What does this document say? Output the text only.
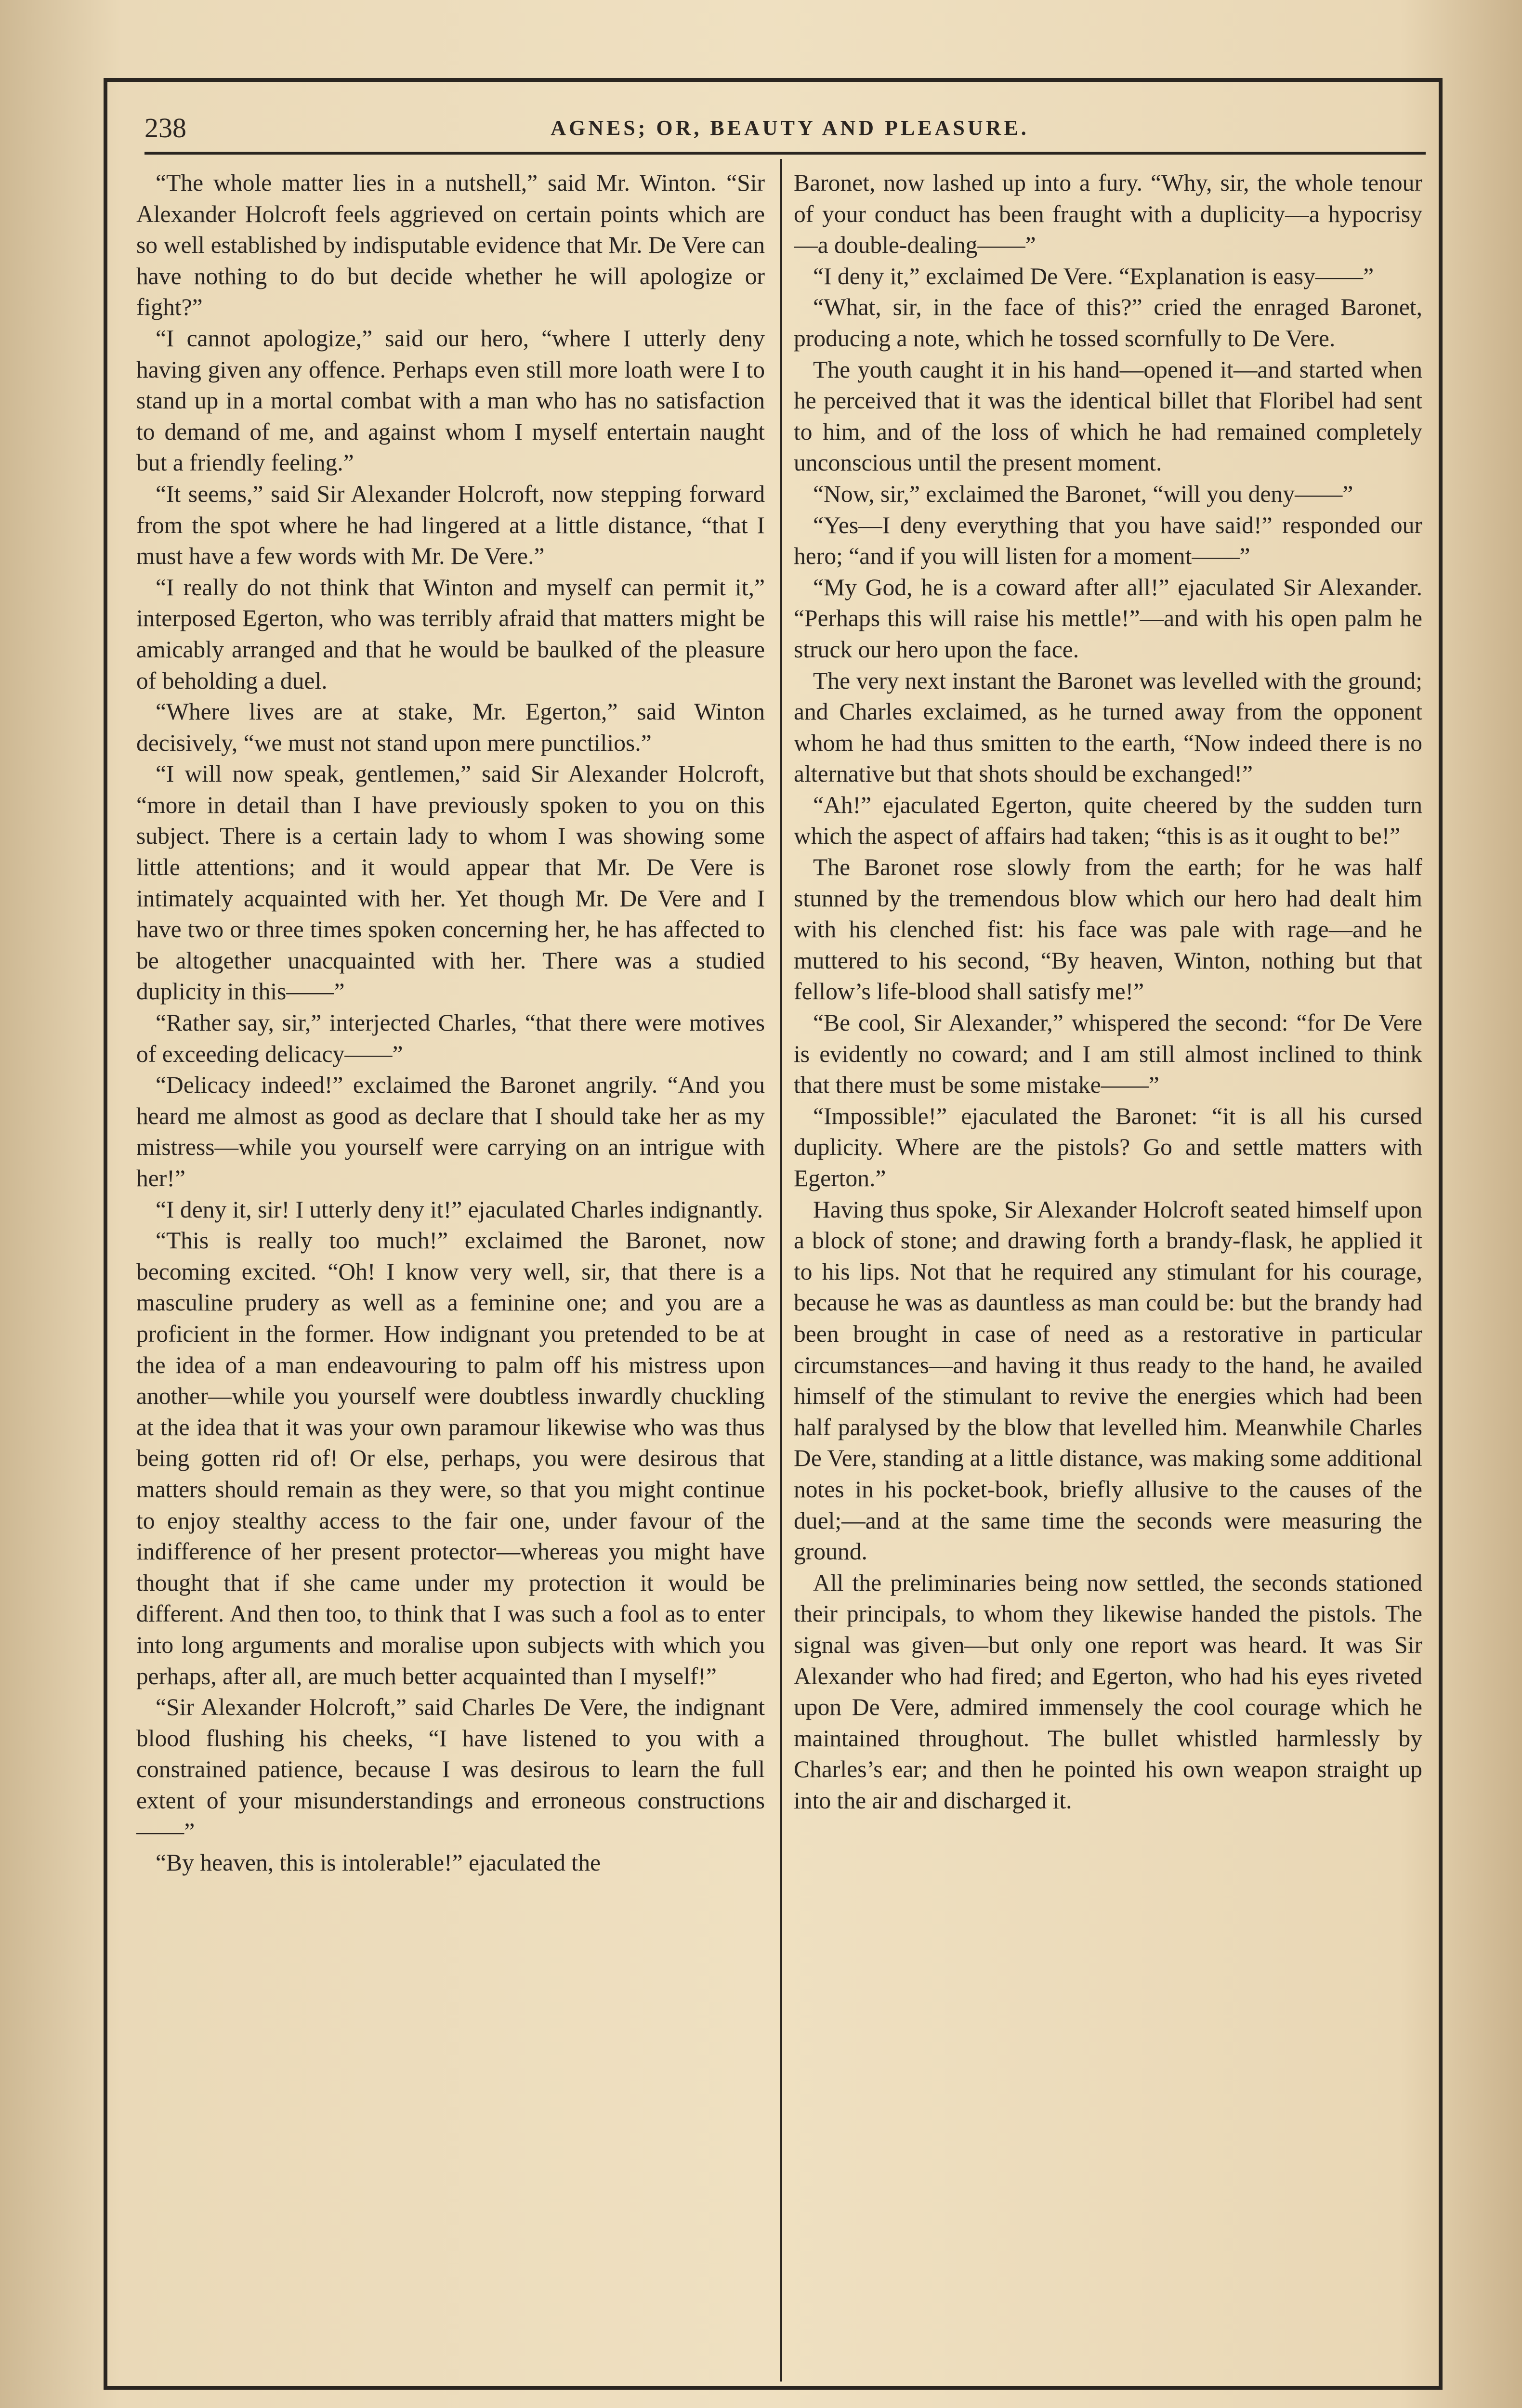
238	AGNES; OR, BEAUTY AND PLEASURE.

“The whole matter lies in a nutshell,” said Mr. Winton. “Sir Alexander Holcroft feels aggrieved on certain points which are so well established by indisputable evidence that Mr. De Vere can have nothing to do but decide whether he will apologize or fight?”

“I cannot apologize,” said our hero, “where I utterly deny having given any offence. Perhaps even still more loath were I to stand up in a mortal combat with a man who has no satisfaction to demand of me, and against whom I myself entertain naught but a friendly feeling.”

“It seems,” said Sir Alexander Holcroft, now stepping forward from the spot where he had lingered at a little distance, “that I must have a few words with Mr. De Vere.”

“I really do not think that Winton and myself can permit it,” interposed Egerton, who was terribly afraid that matters might be amicably arranged and that he would be baulked of the pleasure of beholding a duel.

“Where lives are at stake, Mr. Egerton,” said Winton decisively, “we must not stand upon mere punctilios.”

“I will now speak, gentlemen,” said Sir Alexander Holcroft, “more in detail than I have previously spoken to you on this subject. There is a certain lady to whom I was showing some little attentions; and it would appear that Mr. De Vere is intimately acquainted with her. Yet though Mr. De Vere and I have two or three times spoken concerning her, he has affected to be altogether unacquainted with her. There was a studied duplicity in this——”

“Rather say, sir,” interjected Charles, “that there were motives of exceeding delicacy——”

“Delicacy indeed!” exclaimed the Baronet angrily. “And you heard me almost as good as declare that I should take her as my mistress—while you yourself were carrying on an intrigue with her!”

“I deny it, sir! I utterly deny it!” ejaculated Charles indignantly.

“This is really too much!” exclaimed the Baronet, now becoming excited. “Oh! I know very well, sir, that there is a masculine prudery as well as a feminine one; and you are a proficient in the former. How indignant you pretended to be at the idea of a man endeavouring to palm off his mistress upon another—while you yourself were doubtless inwardly chuckling at the idea that it was your own paramour likewise who was thus being gotten rid of! Or else, perhaps, you were desirous that matters should remain as they were, so that you might continue to enjoy stealthy access to the fair one, under favour of the indifference of her present protector—whereas you might have thought that if she came under my protection it would be different. And then too, to think that I was such a fool as to enter into long arguments and moralise upon subjects with which you perhaps, after all, are much better acquainted than I myself!”

“Sir Alexander Holcroft,” said Charles De Vere, the indignant blood flushing his cheeks, “I have listened to you with a constrained patience, because I was desirous to learn the full extent of your misunderstandings and erroneous constructions——”

“By heaven, this is intolerable!” ejaculated the

Baronet, now lashed up into a fury. “Why, sir, the whole tenour of your conduct has been fraught with a duplicity—a hypocrisy—a double-dealing——”

“I deny it,” exclaimed De Vere. “Explanation is easy——”

“What, sir, in the face of this?” cried the enraged Baronet, producing a note, which he tossed scornfully to De Vere.

The youth caught it in his hand—opened it—and started when he perceived that it was the identical billet that Floribel had sent to him, and of the loss of which he had remained completely unconscious until the present moment.

“Now, sir,” exclaimed the Baronet, “will you deny——”

“Yes—I deny everything that you have said!” responded our hero; “and if you will listen for a moment——”

“My God, he is a coward after all!” ejaculated Sir Alexander. “Perhaps this will raise his mettle!”—and with his open palm he struck our hero upon the face.

The very next instant the Baronet was levelled with the ground; and Charles exclaimed, as he turned away from the opponent whom he had thus smitten to the earth, “Now indeed there is no alternative but that shots should be exchanged!”

“Ah!” ejaculated Egerton, quite cheered by the sudden turn which the aspect of affairs had taken; “this is as it ought to be!”

The Baronet rose slowly from the earth; for he was half stunned by the tremendous blow which our hero had dealt him with his clenched fist: his face was pale with rage—and he muttered to his second, “By heaven, Winton, nothing but that fellow’s life-blood shall satisfy me!”

“Be cool, Sir Alexander,” whispered the second: “for De Vere is evidently no coward; and I am still almost inclined to think that there must be some mistake——”

“Impossible!” ejaculated the Baronet: “it is all his cursed duplicity. Where are the pistols? Go and settle matters with Egerton.”

Having thus spoke, Sir Alexander Holcroft seated himself upon a block of stone; and drawing forth a brandy-flask, he applied it to his lips. Not that he required any stimulant for his courage, because he was as dauntless as man could be: but the brandy had been brought in case of need as a restorative in particular circumstances—and having it thus ready to the hand, he availed himself of the stimulant to revive the energies which had been half paralysed by the blow that levelled him. Meanwhile Charles De Vere, standing at a little distance, was making some additional notes in his pocket-book, briefly allusive to the causes of the duel;—and at the same time the seconds were measuring the ground.

All the preliminaries being now settled, the seconds stationed their principals, to whom they likewise handed the pistols. The signal was given—but only one report was heard. It was Sir Alexander who had fired; and Egerton, who had his eyes riveted upon De Vere, admired immensely the cool courage which he maintained throughout. The bullet whistled harmlessly by Charles’s ear; and then he pointed his own weapon straight up into the air and discharged it.
